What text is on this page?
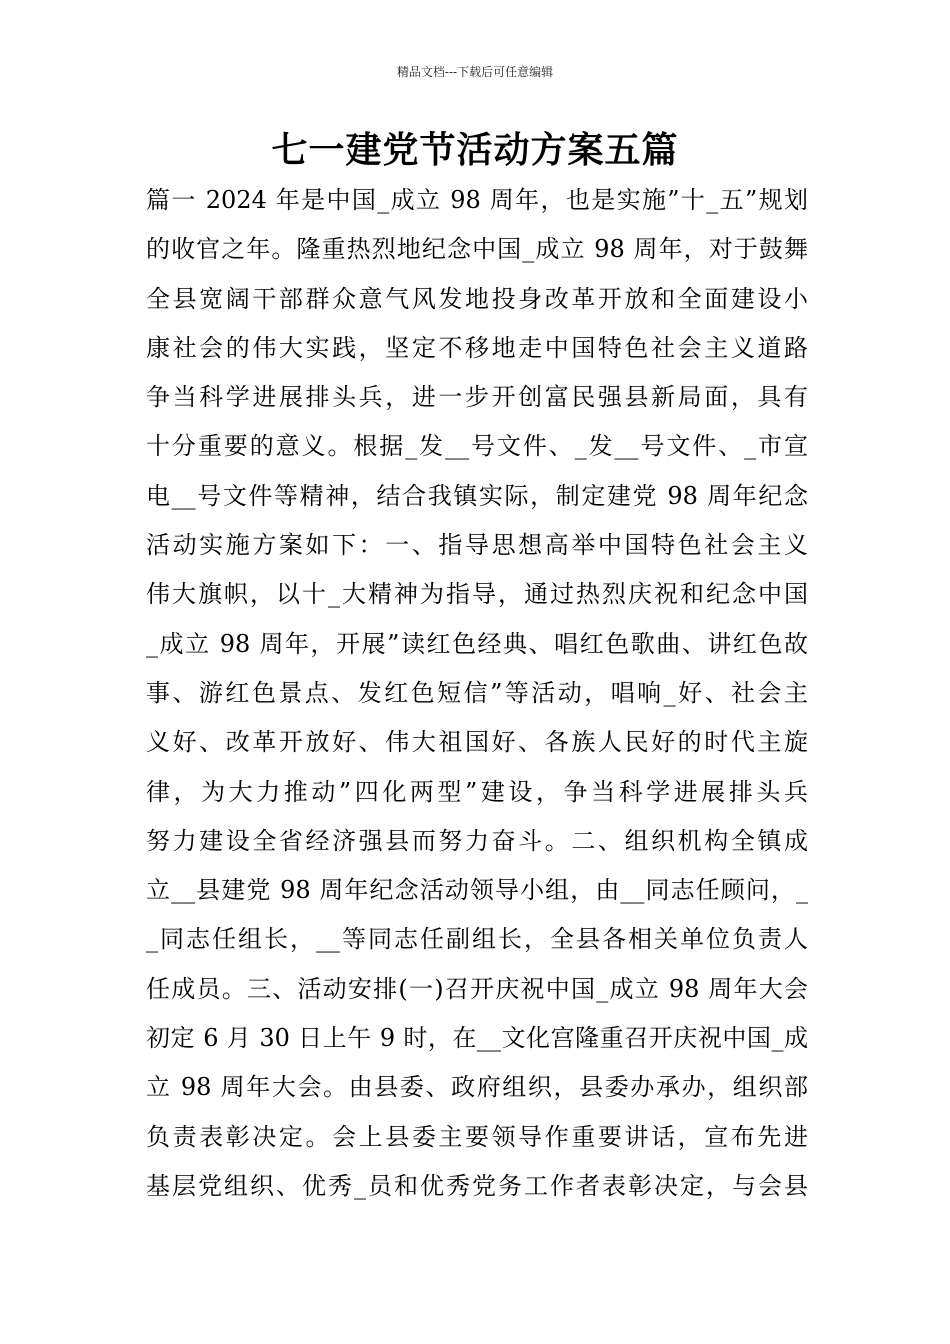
精品文档---下载后可任意编辑
七一建党节活动方案五篇
篇一 2024 年是中国_成立 98 周年，也是实施”十_五”规划
的收官之年。隆重热烈地纪念中国_成立 98 周年，对于鼓舞
全县宽阔干部群众意气风发地投身改革开放和全面建设小
康社会的伟大实践，坚定不移地走中国特色社会主义道路
争当科学进展排头兵，进一步开创富民强县新局面，具有
十分重要的意义。根据_发__号文件、_发__号文件、_市宣
电__号文件等精神，结合我镇实际，制定建党 98 周年纪念
活动实施方案如下：一、指导思想高举中国特色社会主义
伟大旗帜，以十_大精神为指导，通过热烈庆祝和纪念中国
_成立 98 周年，开展”读红色经典、唱红色歌曲、讲红色故
事、游红色景点、发红色短信”等活动，唱响_好、社会主
义好、改革开放好、伟大祖国好、各族人民好的时代主旋
律，为大力推动”四化两型”建设，争当科学进展排头兵
努力建设全省经济强县而努力奋斗。二、组织机构全镇成
立__县建党 98 周年纪念活动领导小组，由__同志任顾问，_
_同志任组长，__等同志任副组长，全县各相关单位负责人
任成员。三、活动安排(一)召开庆祝中国_成立 98 周年大会
初定 6 月 30 日上午 9 时，在__文化宫隆重召开庆祝中国_成
立 98 周年大会。由县委、政府组织，县委办承办，组织部
负责表彰决定。会上县委主要领导作重要讲话，宣布先进
基层党组织、优秀_员和优秀党务工作者表彰决定，与会县
